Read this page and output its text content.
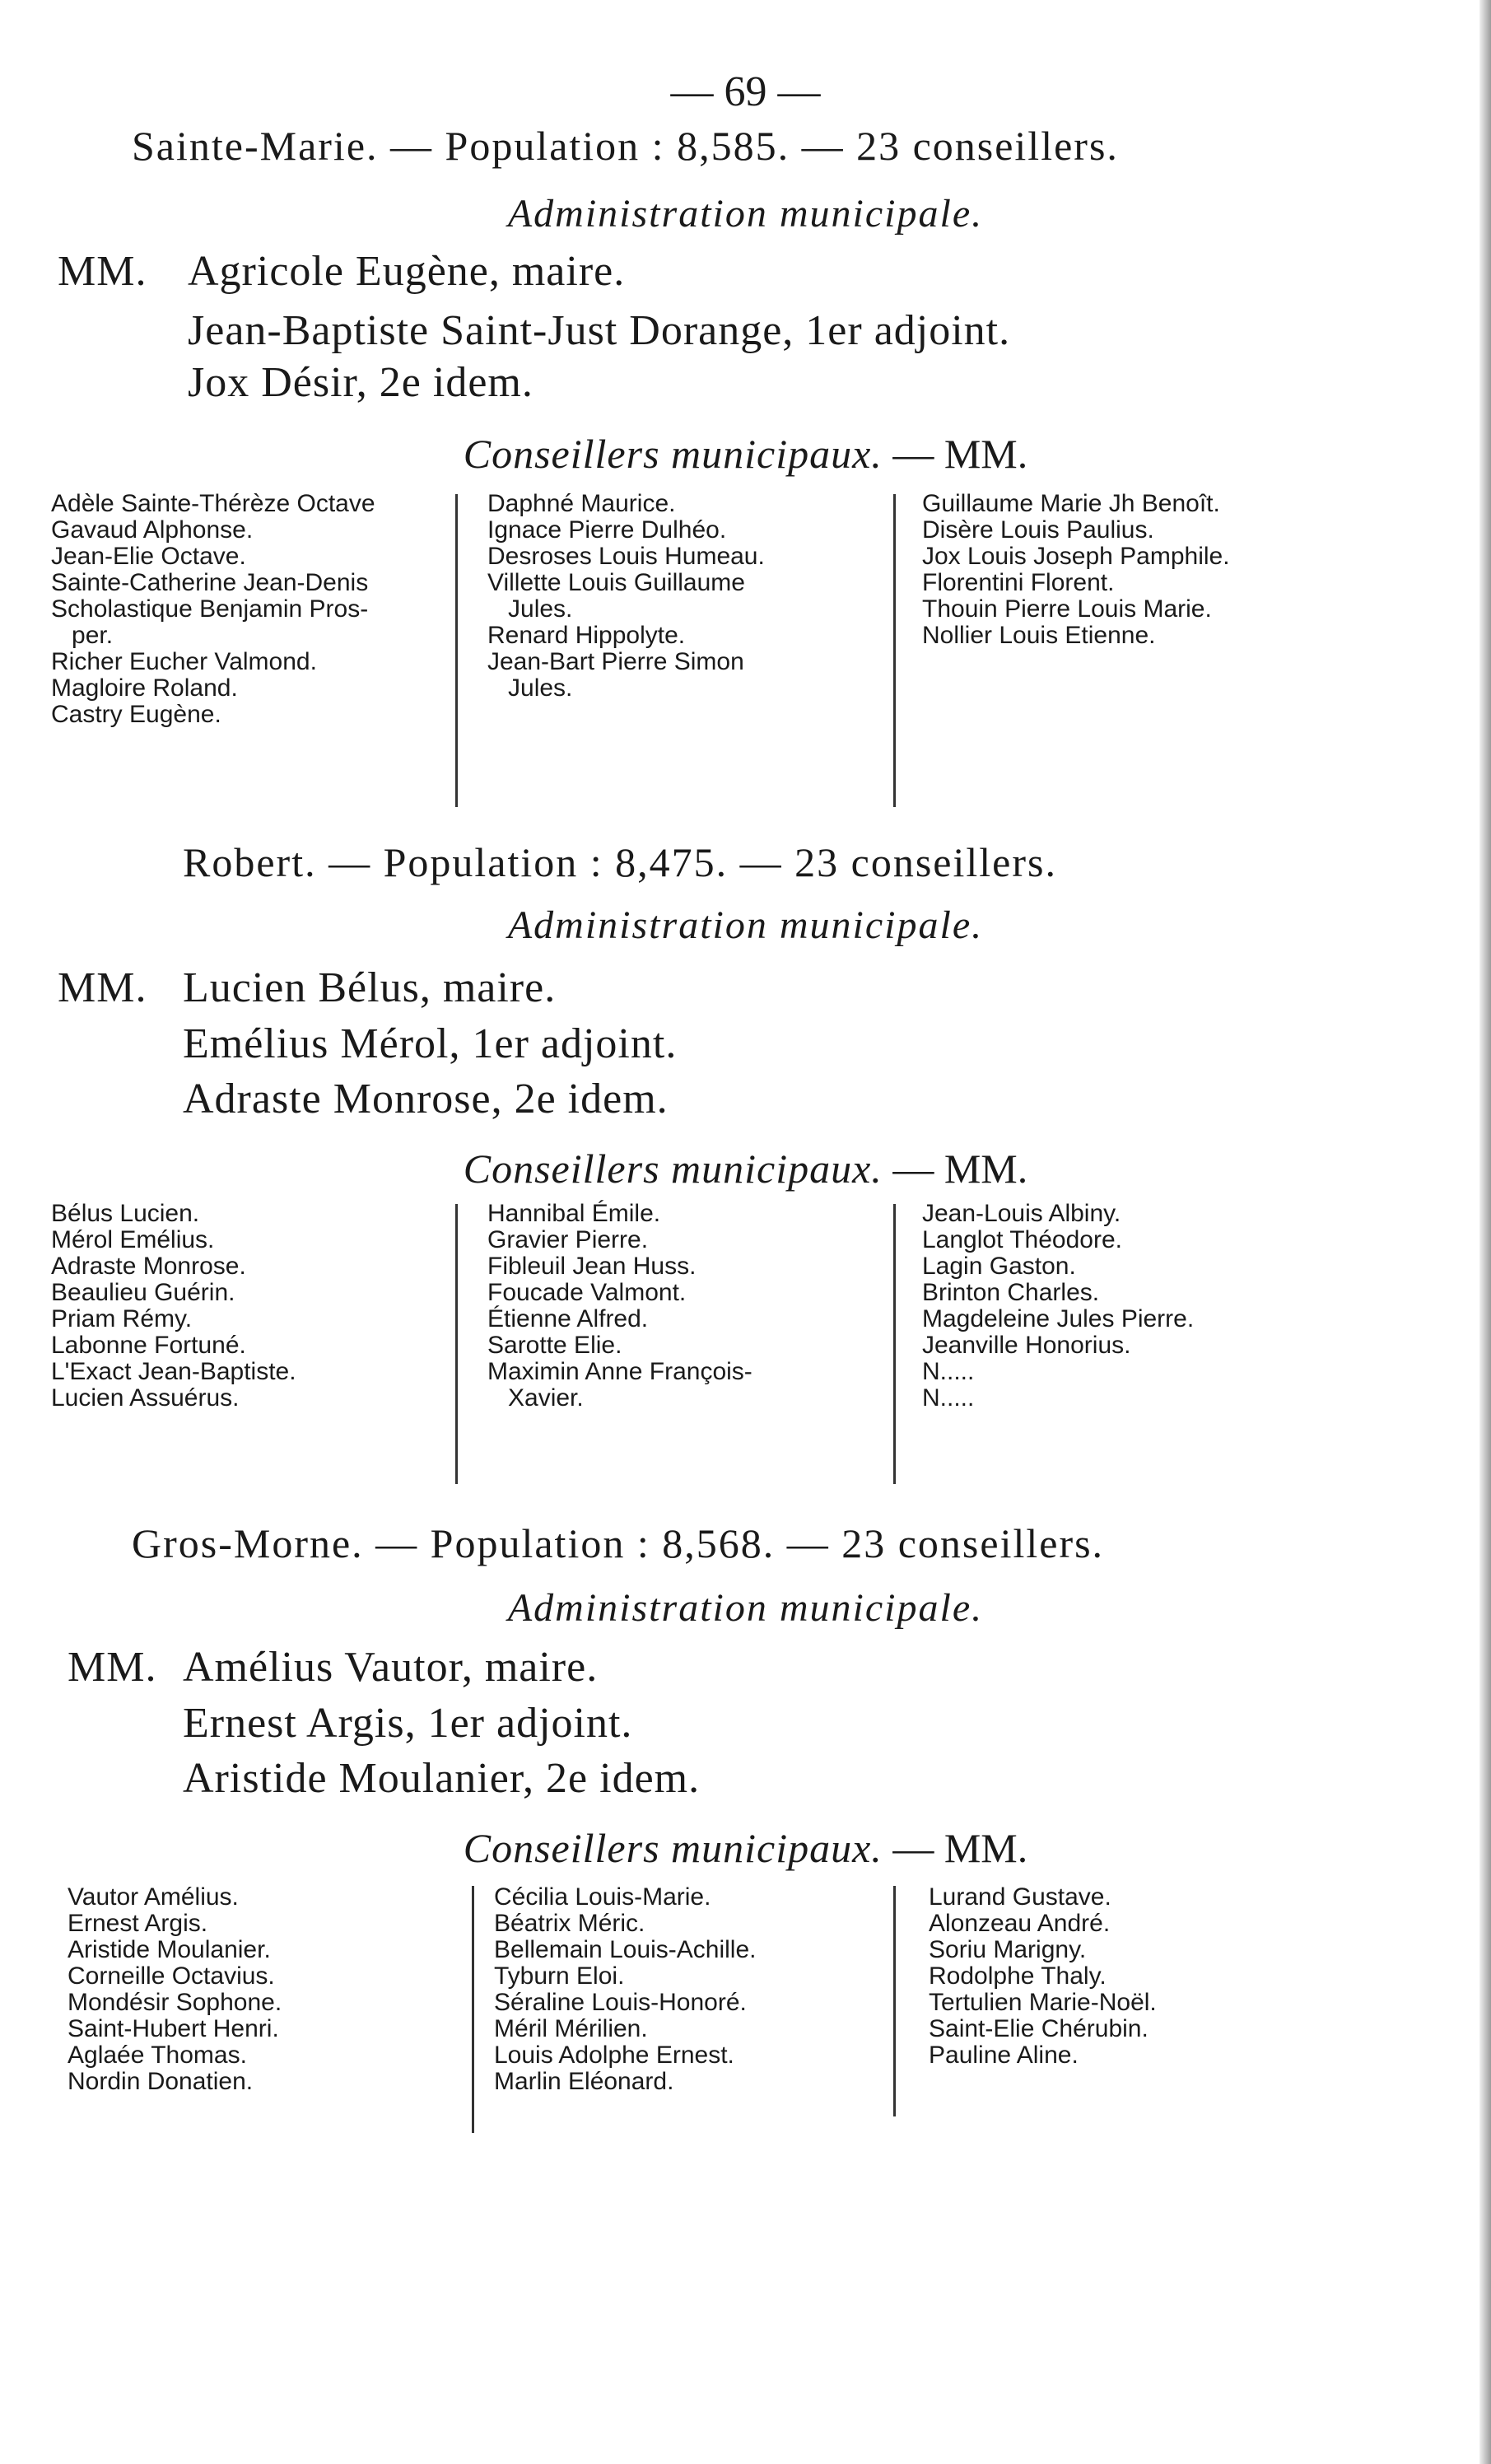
— 69 —
Sainte-Marie. — Population : 8,585. — 23 conseillers.
Administration municipale.
MM. Agricole Eugène, maire.
Jean-Baptiste Saint-Just Dorange, 1er adjoint.
Jox Désir, 2e idem.
Conseillers municipaux. — MM.
Adèle Sainte-Thérèze Octave
Gavaud Alphonse.
Jean-Elie Octave.
Sainte-Catherine Jean-Denis
Scholastique Benjamin Pros-
per.
Richer Eucher Valmond.
Magloire Roland.
Castry Eugène.
Daphné Maurice.
Ignace Pierre Dulhéo.
Desroses Louis Humeau.
Villette Louis Guillaume
Jules.
Renard Hippolyte.
Jean-Bart Pierre Simon
Jules.
Guillaume Marie Jh Benoît.
Disère Louis Paulius.
Jox Louis Joseph Pamphile.
Florentini Florent.
Thouin Pierre Louis Marie.
Nollier Louis Etienne.
Robert. — Population : 8,475. — 23 conseillers.
Administration municipale.
MM. Lucien Bélus, maire.
Emélius Mérol, 1er adjoint.
Adraste Monrose, 2e idem.
Conseillers municipaux. — MM.
Bélus Lucien.
Mérol Emélius.
Adraste Monrose.
Beaulieu Guérin.
Priam Rémy.
Labonne Fortuné.
L'Exact Jean-Baptiste.
Lucien Assuérus.
Hannibal Émile.
Gravier Pierre.
Fibleuil Jean Huss.
Foucade Valmont.
Étienne Alfred.
Sarotte Elie.
Maximin Anne François-
Xavier.
Jean-Louis Albiny.
Langlot Théodore.
Lagin Gaston.
Brinton Charles.
Magdeleine Jules Pierre.
Jeanville Honorius.
N.....
N.....
Gros-Morne. — Population : 8,568. — 23 conseillers.
Administration municipale.
MM. Amélius Vautor, maire.
Ernest Argis, 1er adjoint.
Aristide Moulanier, 2e idem.
Conseillers municipaux. — MM.
Vautor Amélius.
Ernest Argis.
Aristide Moulanier.
Corneille Octavius.
Mondésir Sophone.
Saint-Hubert Henri.
Aglaée Thomas.
Nordin Donatien.
Cécilia Louis-Marie.
Béatrix Méric.
Bellemain Louis-Achille.
Tyburn Eloi.
Séraline Louis-Honoré.
Méril Mérilien.
Louis Adolphe Ernest.
Marlin Eléonard.
Lurand Gustave.
Alonzeau André.
Soriu Marigny.
Rodolphe Thaly.
Tertulien Marie-Noël.
Saint-Elie Chérubin.
Pauline Aline.
